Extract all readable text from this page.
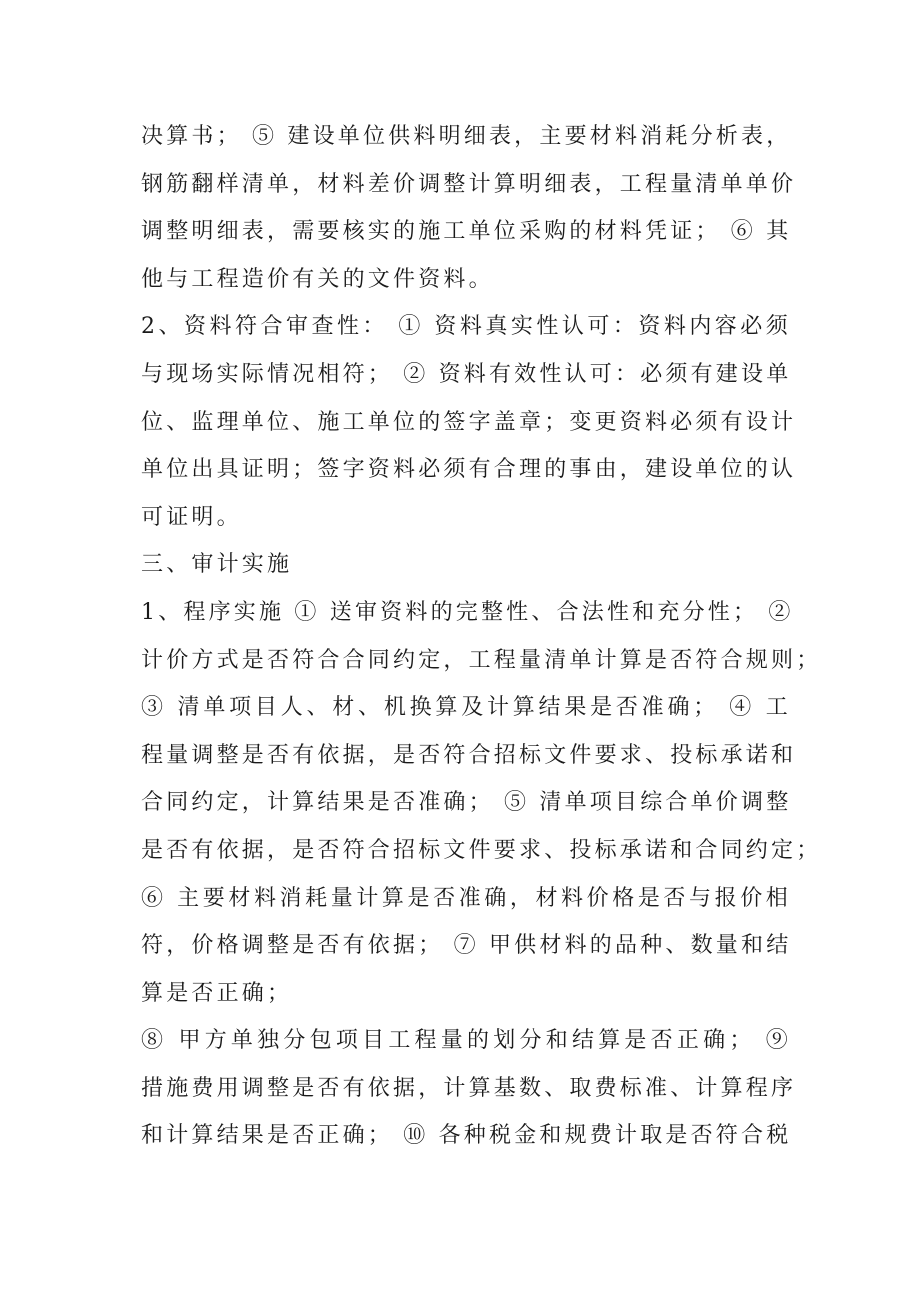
决算书； ⑤ 建设单位供料明细表，主要材料消耗分析表，
钢筋翻样清单，材料差价调整计算明细表，工程量清单单价
调整明细表，需要核实的施工单位采购的材料凭证； ⑥ 其
他与工程造价有关的文件资料。
2、资料符合审查性： ① 资料真实性认可：资料内容必须
与现场实际情况相符； ② 资料有效性认可：必须有建设单
位、监理单位、施工单位的签字盖章；变更资料必须有设计
单位出具证明；签字资料必须有合理的事由，建设单位的认
可证明。
三、审计实施
1、程序实施 ① 送审资料的完整性、合法性和充分性； ②
计价方式是否符合合同约定，工程量清单计算是否符合规则；
③ 清单项目人、材、机换算及计算结果是否准确； ④ 工
程量调整是否有依据，是否符合招标文件要求、投标承诺和
合同约定，计算结果是否准确； ⑤ 清单项目综合单价调整
是否有依据，是否符合招标文件要求、投标承诺和合同约定；
⑥ 主要材料消耗量计算是否准确，材料价格是否与报价相
符，价格调整是否有依据； ⑦ 甲供材料的品种、数量和结
算是否正确；
⑧ 甲方单独分包项目工程量的划分和结算是否正确； ⑨
措施费用调整是否有依据，计算基数、取费标准、计算程序
和计算结果是否正确； ⑩ 各种税金和规费计取是否符合税
